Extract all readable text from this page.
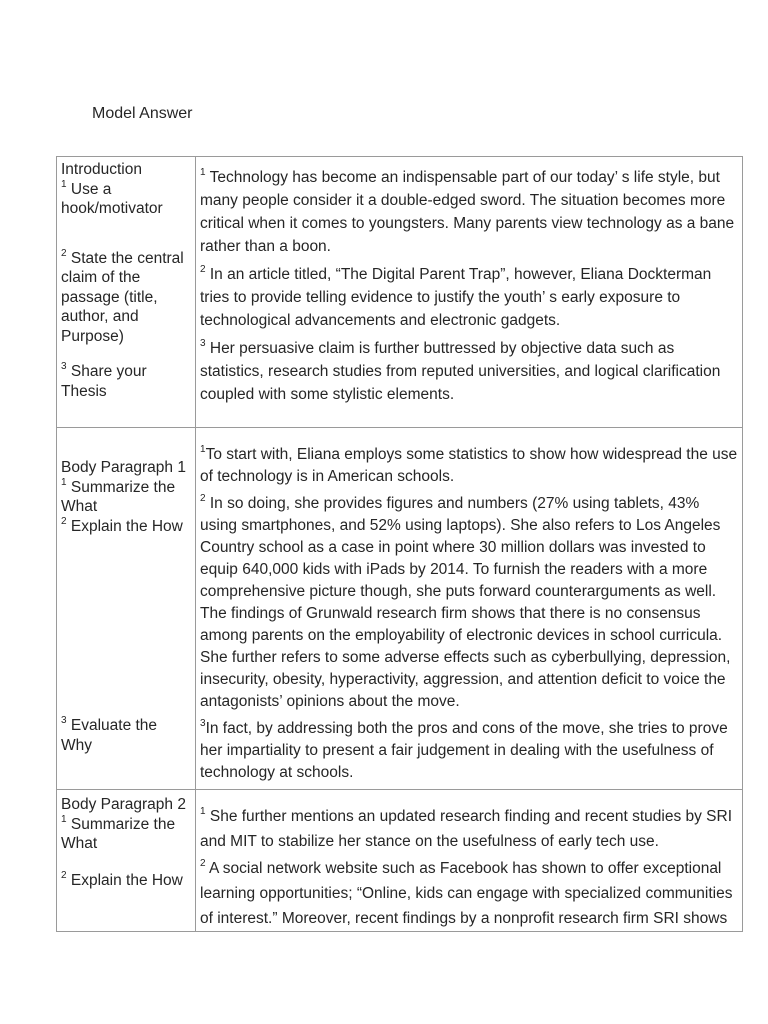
Model Answer
Introduction
$^1$ Use a hook/motivator
$^2$ State the central claim of the passage (title, author, and Purpose)
$^3$ Share your Thesis

$^1$ Technology has become an indispensable part of our today’ s life style, but many people consider it a double-edged sword. The situation becomes more critical when it comes to youngsters. Many parents view technology as a bane rather than a boon.

$^2$ In an article titled, “The Digital Parent Trap”, however, Eliana Dockterman tries to provide telling evidence to justify the youth’ s early exposure to technological advancements and electronic gadgets.

$^3$ Her persuasive claim is further buttressed by objective data such as statistics, research studies from reputed universities, and logical clarification coupled with some stylistic elements.

Body Paragraph 1
$^1$ Summarize the What
$^2$ Explain the How
$^3$ Evaluate the Why

$^1$To start with, Eliana employs some statistics to show how widespread the use of technology is in American schools.

$^2$ In so doing, she provides figures and numbers (27% using tablets, 43% using smartphones, and 52% using laptops). She also refers to Los Angeles Country school as a case in point where 30 million dollars was invested to equip 640,000 kids with iPads by 2014. To furnish the readers with a more comprehensive picture though, she puts forward counterarguments as well. The findings of Grunwald research firm shows that there is no consensus among parents on the employability of electronic devices in school curricula. She further refers to some adverse effects such as cyberbullying, depression, insecurity, obesity, hyperactivity, aggression, and attention deficit to voice the antagonists’ opinions about the move.

$^3$In fact, by addressing both the pros and cons of the move, she tries to prove her impartiality to present a fair judgement in dealing with the usefulness of technology at schools.

Body Paragraph 2
$^1$ Summarize the What
$^2$ Explain the How

$^1$ She further mentions an updated research finding and recent studies by SRI and MIT to stabilize her stance on the usefulness of early tech use.

$^2$ A social network website such as Facebook has shown to offer exceptional learning opportunities; “Online, kids can engage with specialized communities of interest.” Moreover, recent findings by a nonprofit research firm SRI shows
